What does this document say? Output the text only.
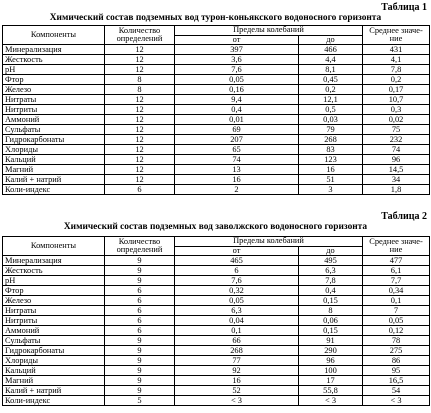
Таблица 1
Химический состав подземных вод турон-коньякского водоносного горизонта
Компоненты	Количество определений	Пределы колебаний		Среднее значе-ние
		от	до	
Минерализация	12	397	466	431
Жесткость	12	3,6	4,4	4,1
pH	12	7,6	8,1	7,8
Фтор	8	0,05	0,45	0,2
Железо	8	0,16	0,2	0,17
Нитраты	12	9,4	12,1	10,7
Нитриты	12	0,4	0,5	0,3
Аммоний	12	0,01	0,03	0,02
Сульфаты	12	69	79	75
Гидрокарбонаты	12	207	268	232
Хлориды	12	65	83	74
Кальций	12	74	123	96
Магний	12	13	16	14,5
Калий + натрий	12	16	51	34
Коли-индекс	6	2	3	1,8
Таблица 2
Химический состав подземных вод заволжского водоносного горизонта
Компоненты	Количество определений	Пределы колебаний		Среднее значе-ние
		от	до	
Минерализация	9	465	495	477
Жесткость	9	6	6,3	6,1
pH	9	7,6	7,8	7,7
Фтор	6	0,32	0,4	0,34
Железо	6	0,05	0,15	0,1
Нитраты	6	6,3	8	7
Нитриты	6	0,04	0,06	0,05
Аммоний	6	0,1	0,15	0,12
Сульфаты	9	66	91	78
Гидрокарбонаты	9	268	290	275
Хлориды	9	77	96	86
Кальций	9	92	100	95
Магний	9	16	17	16,5
Калий + натрий	9	52	55,8	54
Коли-индекс	5	< 3	< 3	< 3
